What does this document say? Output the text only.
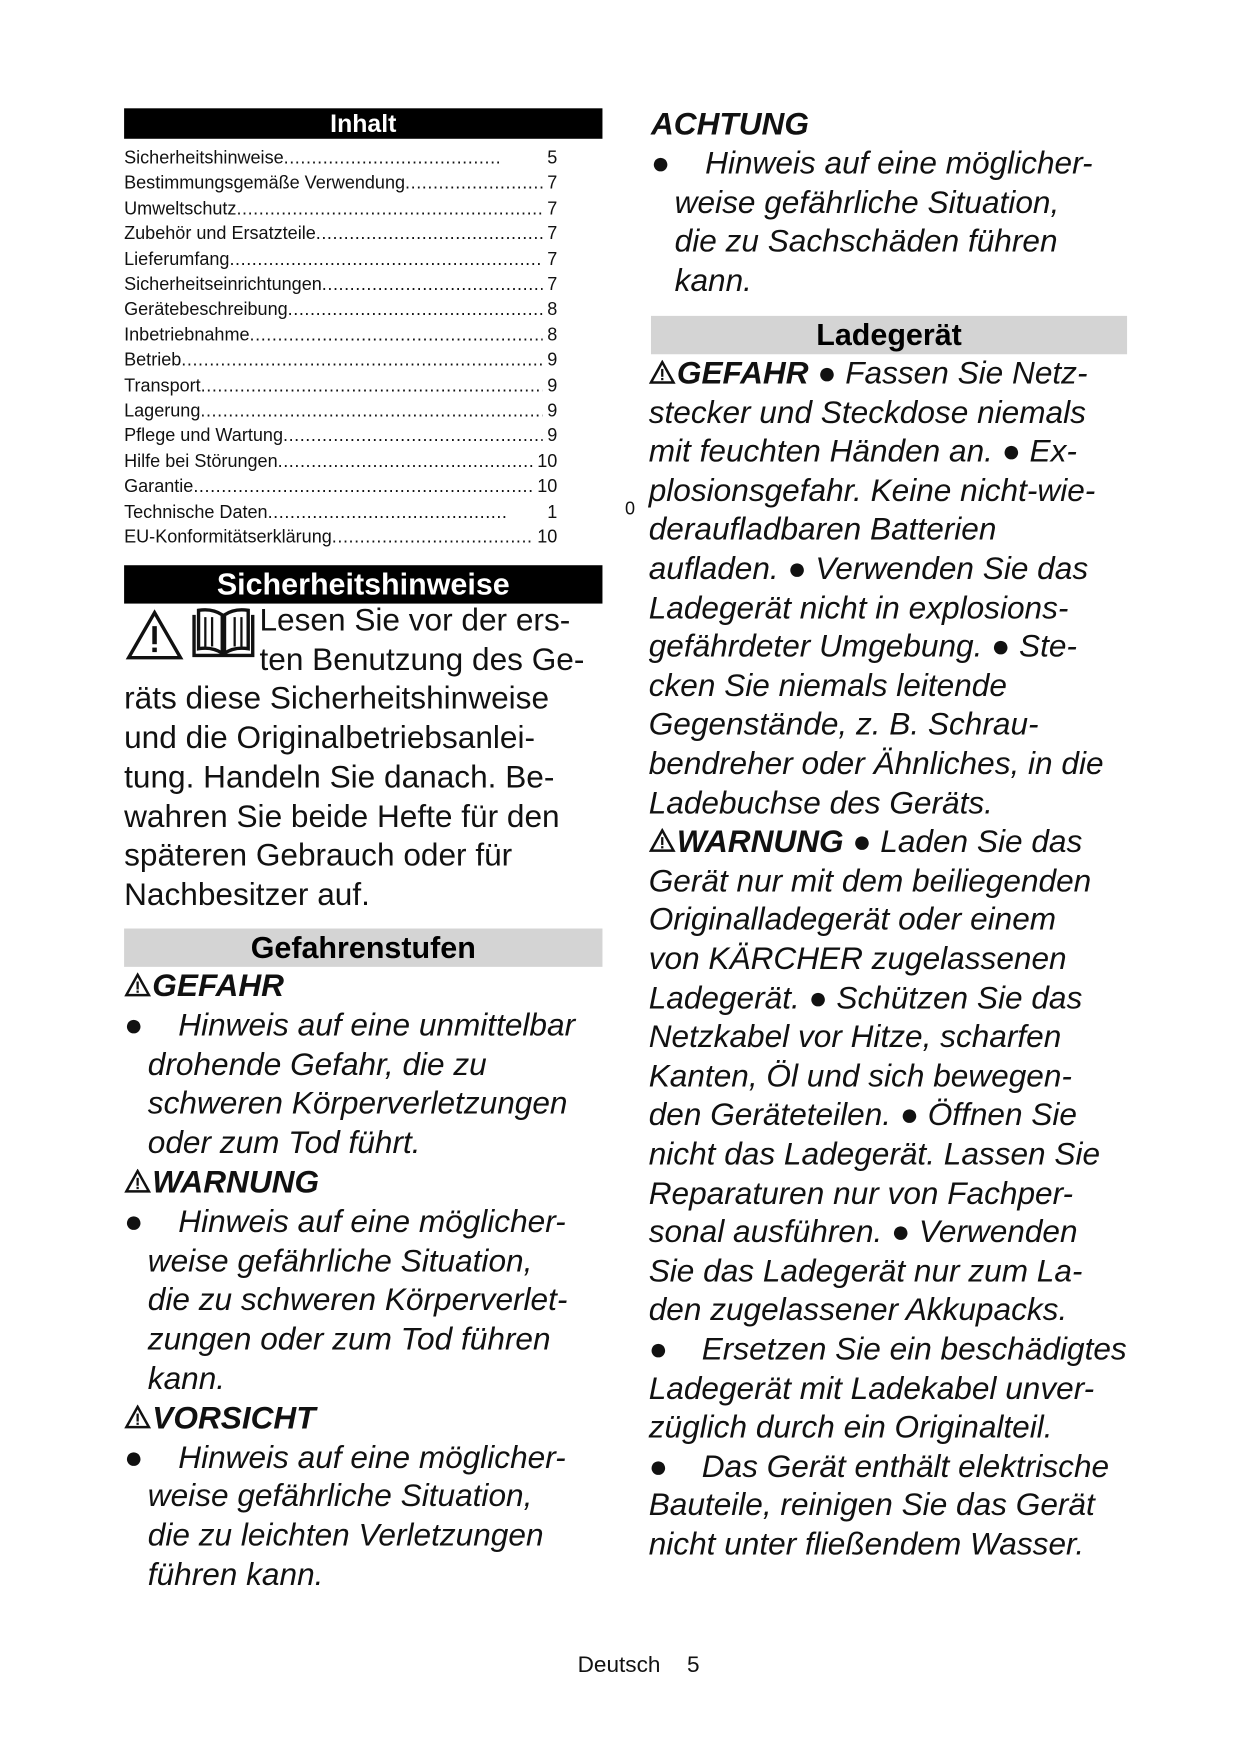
Inhalt
Sicherheitshinweise .....	5
Bestimmungsgemäße Verwendung .....	7
Umweltschutz .....	7
Zubehör und Ersatzteile .....	7
Lieferumfang .....	7
Sicherheitseinrichtungen .....	7
Gerätebeschreibung .....	8
Inbetriebnahme .....	8
Betrieb .....	9
Transport .....	9
Lagerung .....	9
Pflege und Wartung .....	9
Hilfe bei Störungen .....	10
Garantie .....	10
Technische Daten .....	1
EU-Konformitätserklärung .....	10
0
Sicherheitshinweise
Lesen Sie vor der ers-
ten Benutzung des Ge-
räts diese Sicherheitshinweise
und die Originalbetriebsanlei-
tung. Handeln Sie danach. Be-
wahren Sie beide Hefte für den
späteren Gebrauch oder für
Nachbesitzer auf.
Gefahrenstufen
GEFAHR
● Hinweis auf eine unmittelbar
drohende Gefahr, die zu
schweren Körperverletzungen
oder zum Tod führt.
WARNUNG
● Hinweis auf eine möglicher-
weise gefährliche Situation,
die zu schweren Körperverlet-
zungen oder zum Tod führen
kann.
VORSICHT
● Hinweis auf eine möglicher-
weise gefährliche Situation,
die zu leichten Verletzungen
führen kann.
ACHTUNG
● Hinweis auf eine möglicher-
weise gefährliche Situation,
die zu Sachschäden führen
kann.
Ladegerät
GEFAHR ● Fassen Sie Netz-
stecker und Steckdose niemals
mit feuchten Händen an. ● Ex-
plosionsgefahr. Keine nicht-wie-
deraufladbaren Batterien
aufladen. ● Verwenden Sie das
Ladegerät nicht in explosions-
gefährdeter Umgebung. ● Ste-
cken Sie niemals leitende
Gegenstände, z. B. Schrau-
bendreher oder Ähnliches, in die
Ladebuchse des Geräts.
WARNUNG ● Laden Sie das
Gerät nur mit dem beiliegenden
Originalladegerät oder einem
von KÄRCHER zugelassenen
Ladegerät. ● Schützen Sie das
Netzkabel vor Hitze, scharfen
Kanten, Öl und sich bewegen-
den Geräteteilen. ● Öffnen Sie
nicht das Ladegerät. Lassen Sie
Reparaturen nur von Fachper-
sonal ausführen. ● Verwenden
Sie das Ladegerät nur zum La-
den zugelassener Akkupacks.
● Ersetzen Sie ein beschädigtes
Ladegerät mit Ladekabel unver-
züglich durch ein Originalteil.
● Das Gerät enthält elektrische
Bauteile, reinigen Sie das Gerät
nicht unter fließendem Wasser.
Deutsch 5
